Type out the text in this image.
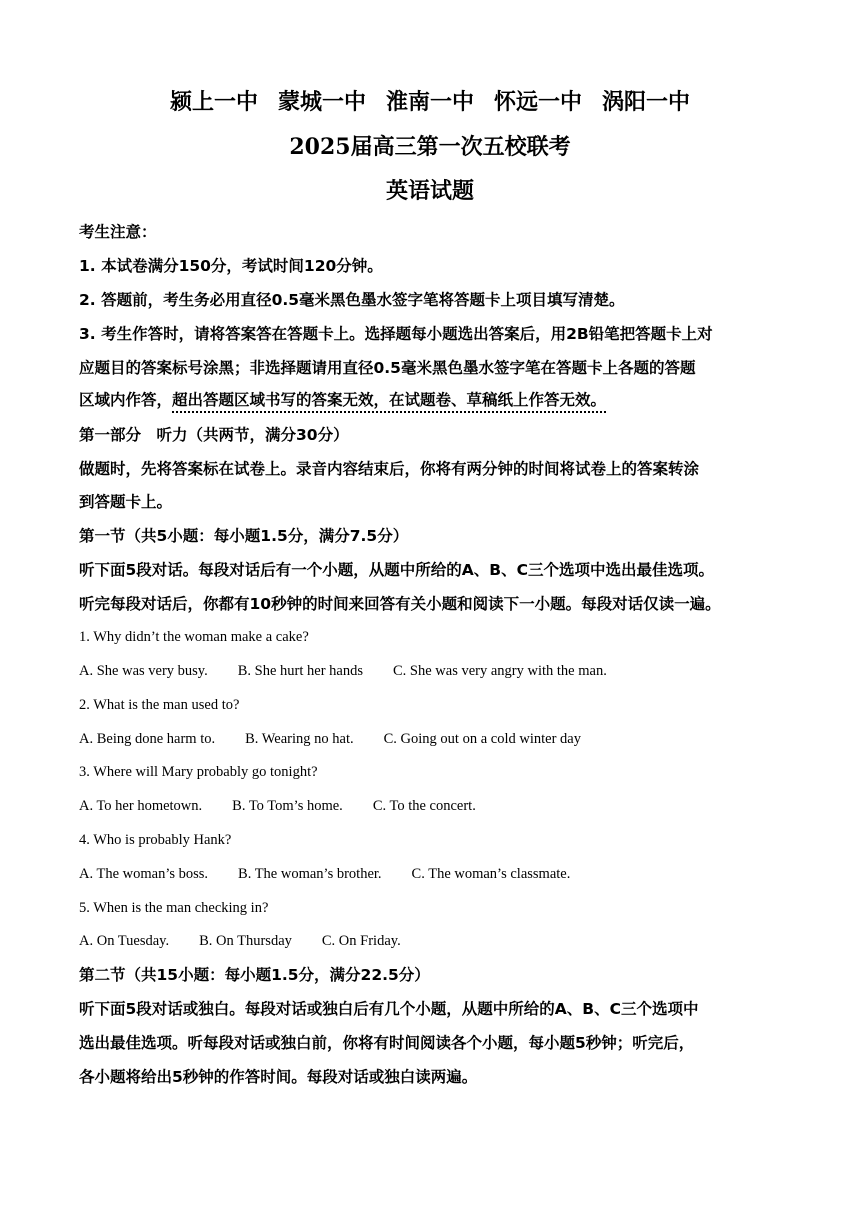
颍上一中 蒙城一中 淮南一中 怀远一中 涡阳一中
2025届高三第一次五校联考
英语试题
考生注意：
1. 本试卷满分150分，考试时间120分钟。
2. 答题前，考生务必用直径0.5毫米黑色墨水签字笔将答题卡上项目填写清楚。
3. 考生作答时，请将答案答在答题卡上。选择题每小题选出答案后，用2B铅笔把答题卡上对
应题目的答案标号涂黑；非选择题请用直径0.5毫米黑色墨水签字笔在答题卡上各题的答题
区域内作答，超出答题区域书写的答案无效，在试题卷、草稿纸上作答无效。
第一部分　听力（共两节，满分30分）
做题时，先将答案标在试卷上。录音内容结束后，你将有两分钟的时间将试卷上的答案转涂
到答题卡上。
第一节（共5小题：每小题1.5分，满分7.5分）
听下面5段对话。每段对话后有一个小题，从题中所给的A、B、C三个选项中选出最佳选项。
听完每段对话后，你都有10秒钟的时间来回答有关小题和阅读下一小题。每段对话仅读一遍。
1. Why didn’t the woman make a cake?
A. She was very busy. B. She hurt her hands C. She was very angry with the man.
2. What is the man used to?
A. Being done harm to. B. Wearing no hat. C. Going out on a cold winter day
3. Where will Mary probably go tonight?
A. To her hometown. B. To Tom’s home. C. To the concert.
4. Who is probably Hank?
A. The woman’s boss. B. The woman’s brother. C. The woman’s classmate.
5. When is the man checking in?
A. On Tuesday. B. On Thursday C. On Friday.
第二节（共15小题：每小题1.5分，满分22.5分）
听下面5段对话或独白。每段对话或独白后有几个小题，从题中所给的A、B、C三个选项中
选出最佳选项。听每段对话或独白前，你将有时间阅读各个小题，每小题5秒钟；听完后，
各小题将给出5秒钟的作答时间。每段对话或独白读两遍。
